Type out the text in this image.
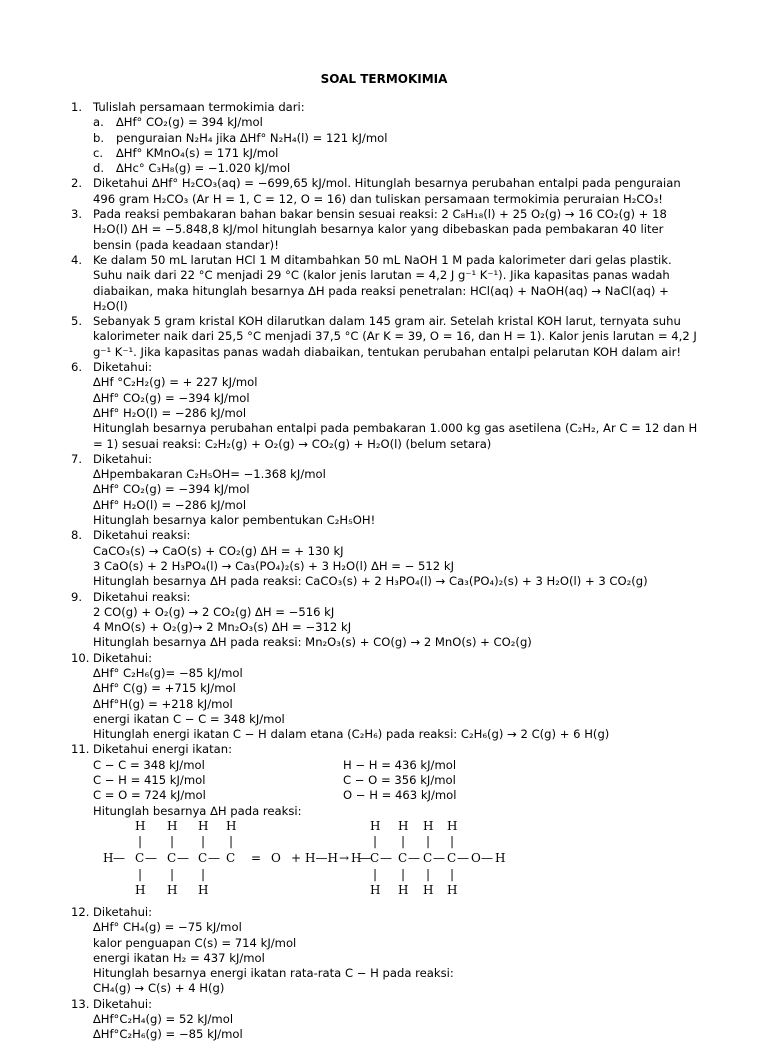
SOAL TERMOKIMIA
1. Tulislah persamaan termokimia dari:
a. ∆Hf° CO₂(g) = 394 kJ/mol
b. penguraian N₂H₄ jika ∆Hf° N₂H₄(l) = 121 kJ/mol
c. ∆Hf° KMnO₄(s) = 171 kJ/mol
d. ∆Hc° C₃H₈(g) = −1.020 kJ/mol
2. Diketahui ∆Hf° H₂CO₃(aq) = −699,65 kJ/mol. Hitunglah besarnya perubahan entalpi pada penguraian 496 gram H₂CO₃ (Ar H = 1, C = 12, O = 16) dan tuliskan persamaan termokimia peruraian H₂CO₃!
3. Pada reaksi pembakaran bahan bakar bensin sesuai reaksi: 2 C₈H₁₈(l) + 25 O₂(g) → 16 CO₂(g) + 18 H₂O(l) ∆H = −5.848,8 kJ/mol hitunglah besarnya kalor yang dibebaskan pada pembakaran 40 liter bensin (pada keadaan standar)!
4. Ke dalam 50 mL larutan HCl 1 M ditambahkan 50 mL NaOH 1 M pada kalorimeter dari gelas plastik. Suhu naik dari 22 °C menjadi 29 °C (kalor jenis larutan = 4,2 J g⁻¹ K⁻¹). Jika kapasitas panas wadah diabaikan, maka hitunglah besarnya ∆H pada reaksi penetralan: HCl(aq) + NaOH(aq) → NaCl(aq) + H₂O(l)
5. Sebanyak 5 gram kristal KOH dilarutkan dalam 145 gram air. Setelah kristal KOH larut, ternyata suhu kalorimeter naik dari 25,5 °C menjadi 37,5 °C (Ar K = 39, O = 16, dan H = 1). Kalor jenis larutan = 4,2 J g⁻¹ K⁻¹. Jika kapasitas panas wadah diabaikan, tentukan perubahan entalpi pelarutan KOH dalam air!
6. Diketahui:
∆Hf °C₂H₂(g) = + 227 kJ/mol
∆Hf° CO₂(g) = −394 kJ/mol
∆Hf° H₂O(l) = −286 kJ/mol
Hitunglah besarnya perubahan entalpi pada pembakaran 1.000 kg gas asetilena (C₂H₂, Ar C = 12 dan H = 1) sesuai reaksi: C₂H₂(g) + O₂(g) → CO₂(g) + H₂O(l) (belum setara)
7. Diketahui:
∆Hpembakaran C₂H₅OH= −1.368 kJ/mol
∆Hf° CO₂(g) = −394 kJ/mol
∆Hf° H₂O(l) = −286 kJ/mol
Hitunglah besarnya kalor pembentukan C₂H₅OH!
8. Diketahui reaksi:
CaCO₃(s) → CaO(s) + CO₂(g) ∆H = + 130 kJ
3 CaO(s) + 2 H₃PO₄(l) → Ca₃(PO₄)₂(s) + 3 H₂O(l) ∆H = − 512 kJ
Hitunglah besarnya ∆H pada reaksi: CaCO₃(s) + 2 H₃PO₄(l) → Ca₃(PO₄)₂(s) + 3 H₂O(l) + 3 CO₂(g)
9. Diketahui reaksi:
2 CO(g) + O₂(g) → 2 CO₂(g) ∆H = −516 kJ
4 MnO(s) + O₂(g)→ 2 Mn₂O₃(s) ∆H = −312 kJ
Hitunglah besarnya ∆H pada reaksi: Mn₂O₃(s) + CO(g) → 2 MnO(s) + CO₂(g)
10. Diketahui:
∆Hf° C₂H₆(g)= −85 kJ/mol
∆Hf° C(g) = +715 kJ/mol
∆Hf°H(g) = +218 kJ/mol
energi ikatan C − C = 348 kJ/mol
Hitunglah energi ikatan C − H dalam etana (C₂H₆) pada reaksi: C₂H₆(g) → 2 C(g) + 6 H(g)
11. Diketahui energi ikatan:
C − C = 348 kJ/mol	H − H = 436 kJ/mol
C − H = 415 kJ/mol	C − O = 356 kJ/mol
C = O = 724 kJ/mol	O − H = 463 kJ/mol
Hitunglah besarnya ∆H pada reaksi:
H H H H
| | | |
H — C — C — C — C = O + H—H →
| | |
H H H
H H H H
| | | |
H
— C — C — C — C — O — H
| | | |
H H H H
12. Diketahui:
∆Hf° CH₄(g) = −75 kJ/mol
kalor penguapan C(s) = 714 kJ/mol
energi ikatan H₂ = 437 kJ/mol
Hitunglah besarnya energi ikatan rata-rata C − H pada reaksi:
CH₄(g) → C(s) + 4 H(g)
13. Diketahui:
∆Hf°C₂H₄(g) = 52 kJ/mol
∆Hf°C₂H₆(g) = −85 kJ/mol
